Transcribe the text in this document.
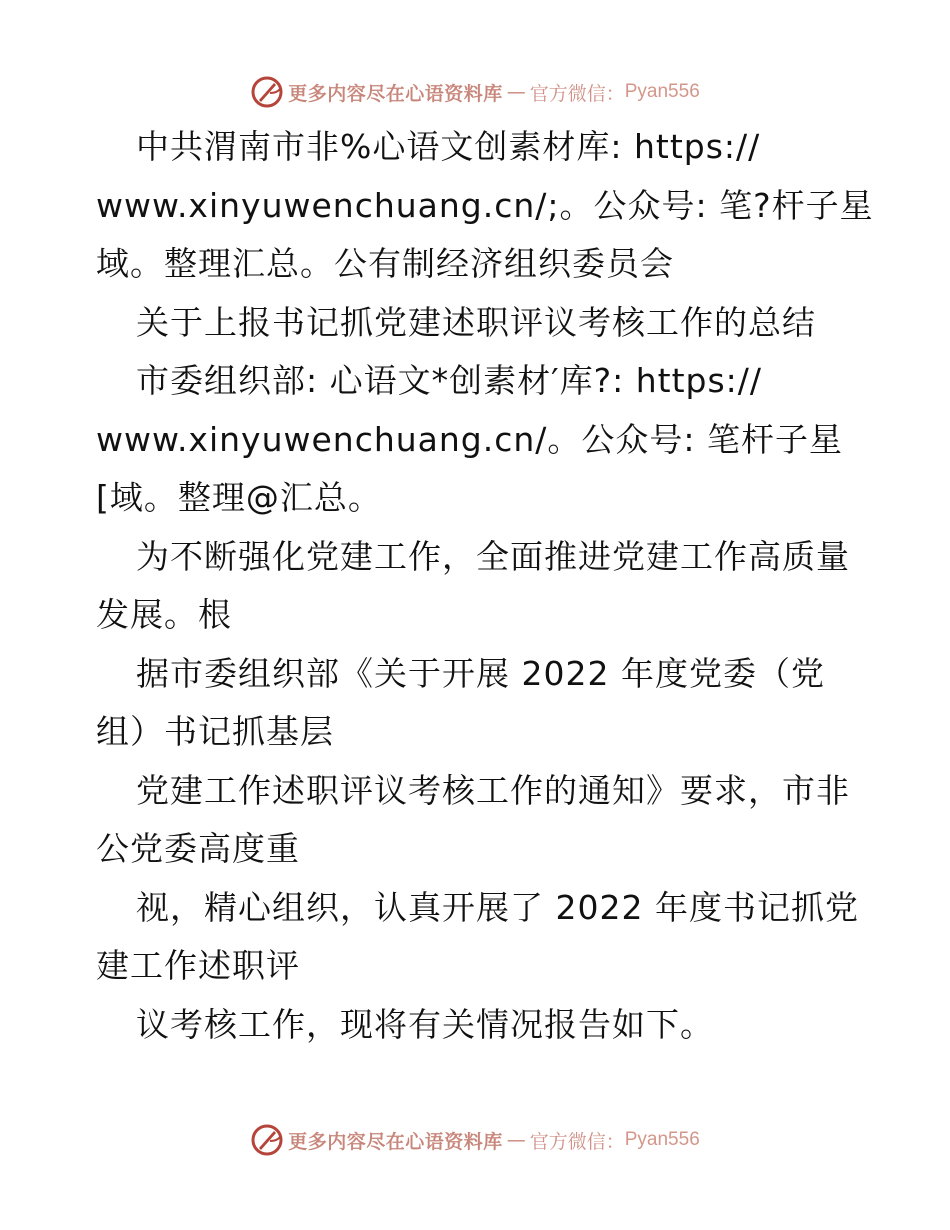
更多内容尽在心语资料库 — 官方微信： Pyan556
中共渭南市非%心语文创素材库: https://
www.xinyuwenchuang.cn/;。公众号: 笔?杆子星
域。整理汇总。公有制经济组织委员会
关于上报书记抓党建述职评议考核工作的总结
市委组织部: 心语文*创素材′库?: https://
www.xinyuwenchuang.cn/。公众号: 笔杆子星
[域。整理@汇总。
为不断强化党建工作，全面推进党建工作高质量
发展。根
据市委组织部《关于开展 2022 年度党委（党
组）书记抓基层
党建工作述职评议考核工作的通知》要求，市非
公党委高度重
视，精心组织，认真开展了 2022 年度书记抓党
建工作述职评
议考核工作，现将有关情况报告如下。
更多内容尽在心语资料库 — 官方微信： Pyan556
